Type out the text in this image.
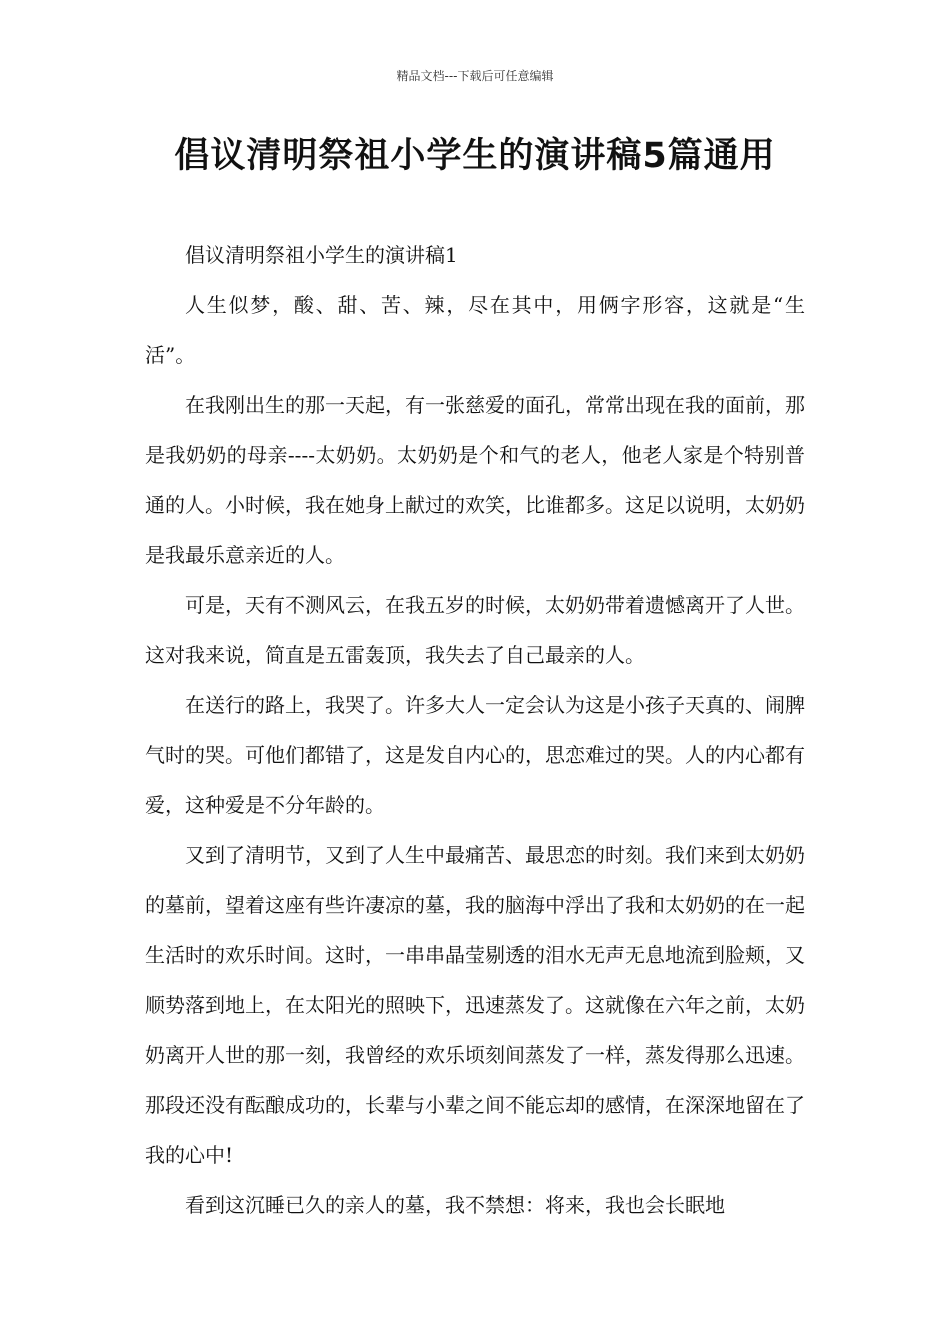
精品文档---下载后可任意编辑
倡议清明祭祖小学生的演讲稿5篇通用

倡议清明祭祖小学生的演讲稿1

人生似梦，酸、甜、苦、辣，尽在其中，用俩字形容，这就是“生活”。

在我刚出生的那一天起，有一张慈爱的面孔，常常出现在我的面前，那是我奶奶的母亲----太奶奶。太奶奶是个和气的老人，他老人家是个特别普通的人。小时候，我在她身上献过的欢笑，比谁都多。这足以说明，太奶奶是我最乐意亲近的人。

可是，天有不测风云，在我五岁的时候，太奶奶带着遗憾离开了人世。这对我来说，简直是五雷轰顶，我失去了自己最亲的人。

在送行的路上，我哭了。许多大人一定会认为这是小孩子天真的、闹脾气时的哭。可他们都错了，这是发自内心的，思恋难过的哭。人的内心都有爱，这种爱是不分年龄的。

又到了清明节，又到了人生中最痛苦、最思恋的时刻。我们来到太奶奶的墓前，望着这座有些许凄凉的墓，我的脑海中浮出了我和太奶奶的在一起生活时的欢乐时间。这时，一串串晶莹剔透的泪水无声无息地流到脸颊，又顺势落到地上，在太阳光的照映下，迅速蒸发了。这就像在六年之前，太奶奶离开人世的那一刻，我曾经的欢乐顷刻间蒸发了一样，蒸发得那么迅速。那段还没有酝酿成功的，长辈与小辈之间不能忘却的感情，在深深地留在了我的心中!

看到这沉睡已久的亲人的墓，我不禁想：将来，我也会长眠地
